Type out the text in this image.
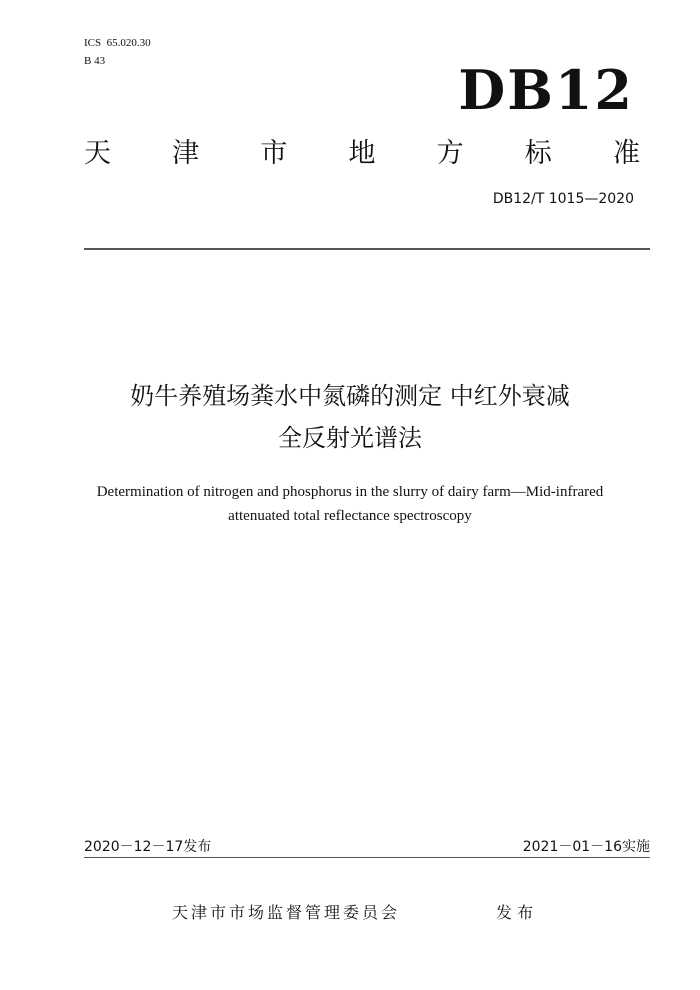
ICS  65.020.30
B 43	DB12
天 津 市 地 方 标 准
DB12/T 1015—2020
奶牛养殖场粪水中氮磷的测定 中红外衰减
全反射光谱法
Determination of nitrogen and phosphorus in the slurry of dairy farm—Mid-infrared
attenuated total reflectance spectroscopy
2020－12－17发布	2021－01－16实施
天津市市场监督管理委员会	发 布
